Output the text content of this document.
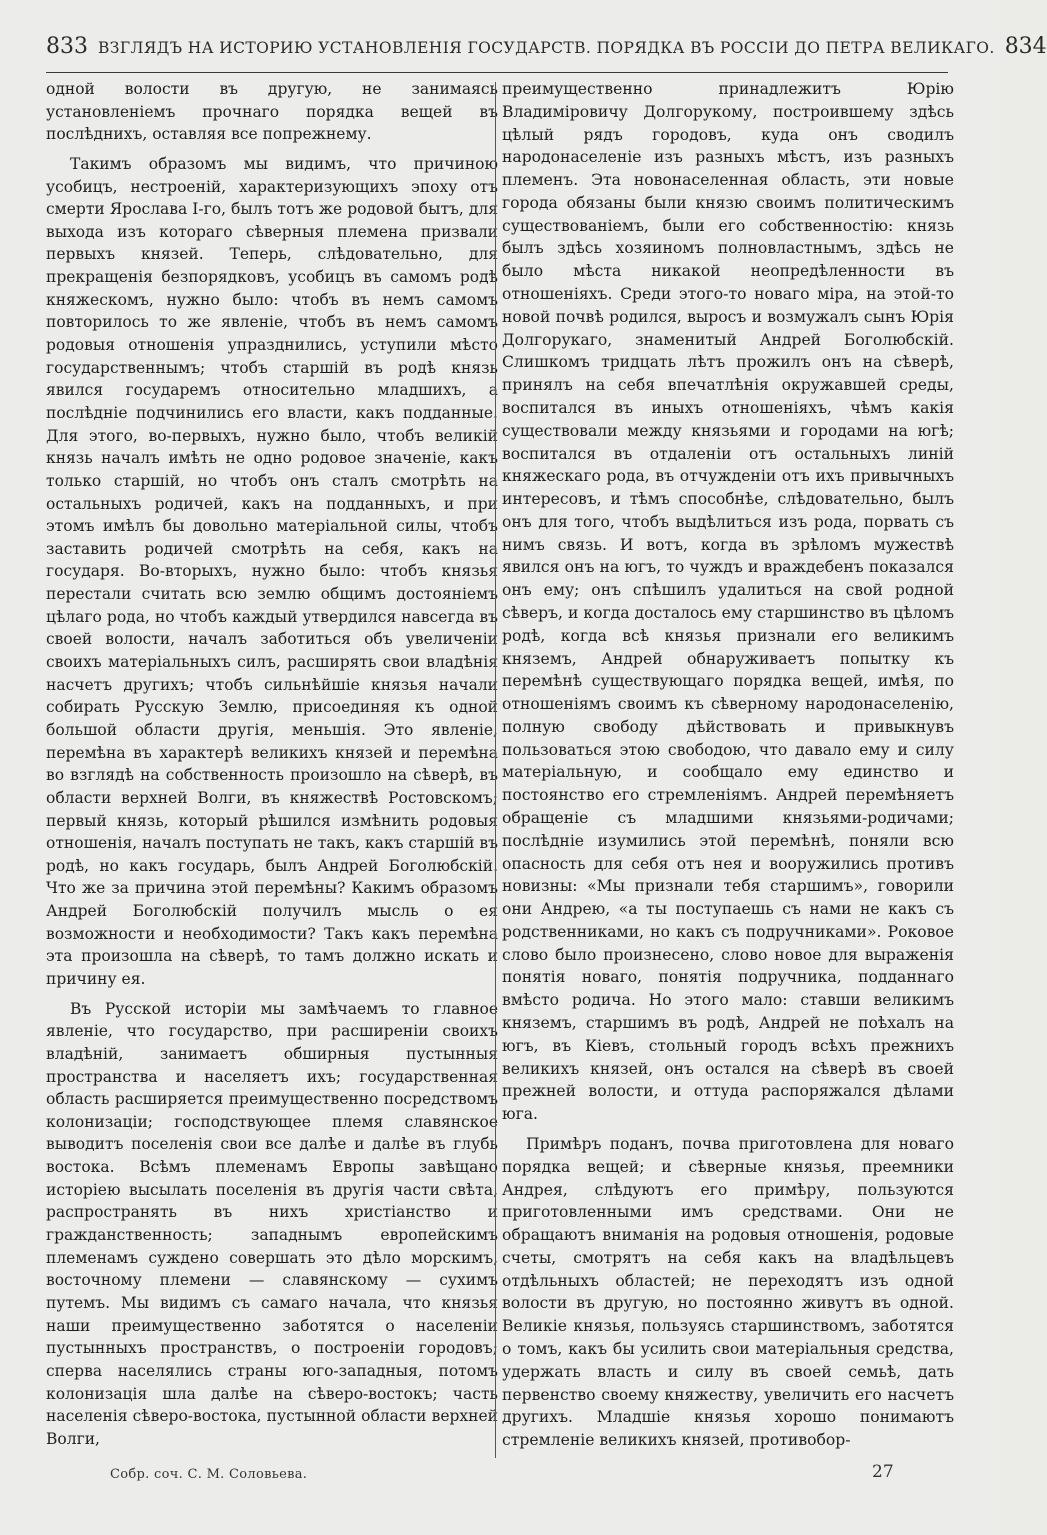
833 ВЗГЛЯДЪ НА ИСТОРИЮ УСТАНОВЛЕНІЯ ГОСУДАРСТВ. ПОРЯДКА ВЪ РОССІИ ДО ПЕТРА ВЕЛИКАГО. 834

одной волости въ другую, не занимаясь установленіемъ прочнаго порядка вещей въ послѣднихъ, оставляя все попрежнему.

Такимъ образомъ мы видимъ, что причиною усобицъ, нестроеній, характеризующихъ эпоху отъ смерти Ярослава I-го, былъ тотъ же родовой бытъ, для выхода изъ котораго сѣверныя племена призвали первыхъ князей. Теперь, слѣдовательно, для прекращенія безпорядковъ, усобицъ въ самомъ родѣ княжескомъ, нужно было: чтобъ въ немъ самомъ повторилось то же явленіе, чтобъ въ немъ самомъ родовыя отношенія упразднились, уступили мѣсто государственнымъ; чтобъ старшій въ родѣ князь явился государемъ относительно младшихъ, а послѣдніе подчинились его власти, какъ подданные. Для этого, во-первыхъ, нужно было, чтобъ великій князь началъ имѣть не одно родовое значеніе, какъ только старшій, но чтобъ онъ сталъ смотрѣть на остальныхъ родичей, какъ на подданныхъ, и при этомъ имѣлъ бы довольно матеріальной силы, чтобъ заставить родичей смотрѣть на себя, какъ на государя. Во-вторыхъ, нужно было: чтобъ князья перестали считать всю землю общимъ достояніемъ цѣлаго рода, но чтобъ каждый утвердился навсегда въ своей волости, началъ заботиться объ увеличеніи своихъ матеріальныхъ силъ, расширять свои владѣнія насчетъ другихъ; чтобъ сильнѣйшіе князья начали собирать Русскую Землю, присоединяя къ одной большой области другія, меньшія. Это явленіе, перемѣна въ характерѣ великихъ князей и перемѣна во взглядѣ на собственность произошло на сѣверѣ, въ области верхней Волги, въ княжествѣ Ростовскомъ; первый князь, который рѣшился измѣнить родовыя отношенія, началъ поступать не такъ, какъ старшій въ родѣ, но какъ государь, былъ Андрей Боголюбскій. Что же за причина этой перемѣны? Какимъ образомъ Андрей Боголюбскій получилъ мысль о ея возможности и необходимости? Такъ какъ перемѣна эта произошла на сѣверѣ, то тамъ должно искать и причину ея.

Въ Русской исторіи мы замѣчаемъ то главное явленіе, что государство, при расширеніи своихъ владѣній, занимаетъ обширныя пустынныя пространства и населяетъ ихъ; государственная область расширяется преимущественно посредствомъ колонизаціи; господствующее племя славянское выводитъ поселенія свои все далѣе и далѣе въ глубь востока. Всѣмъ племенамъ Европы завѣщано исторіею высылать поселенія въ другія части свѣта, распространять въ нихъ христіанство и гражданственность; западнымъ европейскимъ племенамъ суждено совершать это дѣло морскимъ, восточному племени — славянскому — сухимъ путемъ. Мы видимъ съ самаго начала, что князья наши преимущественно заботятся о населеніи пустынныхъ пространствъ, о построеніи городовъ; сперва населялись страны юго-западныя, потомъ колонизація шла далѣе на сѣверо-востокъ; часть населенія сѣверо-востока, пустынной области верхней Волги,

преимущественно принадлежитъ Юрію Владиміровичу Долгорукому, построившему здѣсь цѣлый рядъ городовъ, куда онъ сводилъ народонаселеніе изъ разныхъ мѣстъ, изъ разныхъ племенъ. Эта новонаселенная область, эти новые города обязаны были князю своимъ политическимъ существованіемъ, были его собственностію: князь былъ здѣсь хозяиномъ полновластнымъ, здѣсь не было мѣста никакой неопредѣленности въ отношеніяхъ. Среди этого-то новаго міра, на этой-то новой почвѣ родился, выросъ и возмужалъ сынъ Юрія Долгорукаго, знаменитый Андрей Боголюбскій. Слишкомъ тридцать лѣтъ прожилъ онъ на сѣверѣ, принялъ на себя впечатлѣнія окружавшей среды, воспитался въ иныхъ отношеніяхъ, чѣмъ какія существовали между князьями и городами на югѣ; воспитался въ отдаленіи отъ остальныхъ линій княжескаго рода, въ отчужденіи отъ ихъ привычныхъ интересовъ, и тѣмъ способнѣе, слѣдовательно, былъ онъ для того, чтобъ выдѣлиться изъ рода, порвать съ нимъ связь. И вотъ, когда въ зрѣломъ мужествѣ явился онъ на югъ, то чуждъ и враждебенъ показался онъ ему; онъ спѣшилъ удалиться на свой родной сѣверъ, и когда досталось ему старшинство въ цѣломъ родѣ, когда всѣ князья признали его великимъ княземъ, Андрей обнаруживаетъ попытку къ перемѣнѣ существующаго порядка вещей, имѣя, по отношеніямъ своимъ къ сѣверному народонаселенію, полную свободу дѣйствовать и привыкнувъ пользоваться этою свободою, что давало ему и силу матеріальную, и сообщало ему единство и постоянство его стремленіямъ. Андрей перемѣняетъ обращеніе съ младшими князьями-родичами; послѣдніе изумились этой перемѣнѣ, поняли всю опасность для себя отъ нея и вооружились противъ новизны: «Мы признали тебя старшимъ», говорили они Андрею, «а ты поступаешь съ нами не какъ съ родственниками, но какъ съ подручниками». Роковое слово было произнесено, слово новое для выраженія понятія новаго, понятія подручника, подданнаго вмѣсто родича. Но этого мало: ставши великимъ княземъ, старшимъ въ родѣ, Андрей не поѣхалъ на югъ, въ Кіевъ, стольный городъ всѣхъ прежнихъ великихъ князей, онъ остался на сѣверѣ въ своей прежней волости, и оттуда распоряжался дѣлами юга.

Примѣръ поданъ, почва приготовлена для новаго порядка вещей; и сѣверные князья, преемники Андрея, слѣдуютъ его примѣру, пользуются приготовленными имъ средствами. Они не обращаютъ вниманія на родовыя отношенія, родовые счеты, смотрятъ на себя какъ на владѣльцевъ отдѣльныхъ областей; не переходятъ изъ одной волости въ другую, но постоянно живутъ въ одной. Великіе князья, пользуясь старшинствомъ, заботятся о томъ, какъ бы усилить свои матеріальныя средства, удержать власть и силу въ своей семьѣ, дать первенство своему княжеству, увеличить его насчетъ другихъ. Младшіе князья хорошо понимаютъ стремленіе великихъ князей, противобор-

Собр. соч. С. М. Соловьева.	27
